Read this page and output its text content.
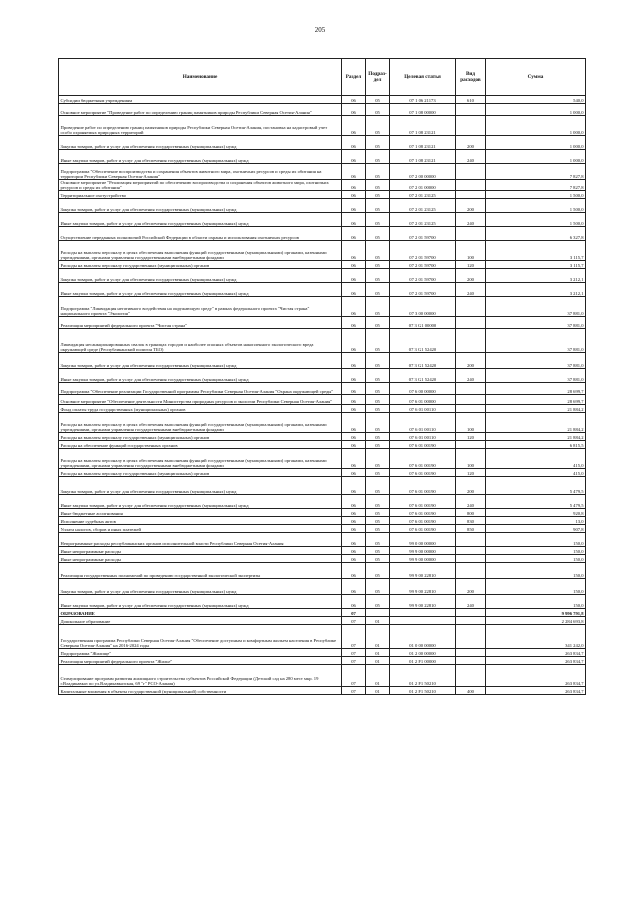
205
Наименование	Раздел	Подраз-дел	Целевая статья	Вид расходов	Сумма
Субсидии бюджетным учреждениям	06	05	07 1 06 21173	610	540,0
Основное мероприятие "Проведение работ по определению границ памятников природы Республики Северная Осетия-Алания"	06	05	07 1 08 00000		1 000,0
Проведение работ по определению границ памятников природы Республики Северная Осетия-Алания, постановка на кадастровый учет особо охраняемых природных территорий	06	05	07 1 08 23121		1 000,0
Закупка товаров, работ и услуг для обеспечения государственных (муниципальных) нужд	06	05	07 1 08 23121	200	1 000,0
Иные закупки товаров, работ и услуг для обеспечения государственных (муниципальных) нужд	06	05	07 1 08 23121	240	1 000,0
Подпрограмма "Обеспечение воспроизводства и сохранения объектов животного мира, охотничьих ресурсов и среды их обитания на территории Республики Северная Осетия-Алания"	06	05	07 2 00 00000		7 827,8
Основное мероприятие "Реализация мероприятий по обеспечению воспроизводства и сохранения объектов животного мира, охотничьих ресурсов и среды их обитания"	06	05	07 2 01 00000		7 827,8
Территориальное охотустройство	06	05	07 2 01 23125		1 500,0
Закупка товаров, работ и услуг для обеспечения государственных (муниципальных) нужд	06	05	07 2 01 23125	200	1 500,0
Иные закупки товаров, работ и услуг для обеспечения государственных (муниципальных) нужд	06	05	07 2 01 23125	240	1 500,0
Осуществление переданных полномочий Российской Федерации в области охраны и использования охотничьих ресурсов	06	05	07 2 01 59700		6 327,8
Расходы на выплаты персоналу в целях обеспечения выполнения функций государственными (муниципальными) органами, казенными учреждениями, органами управления государственными внебюджетными фондами	06	05	07 2 01 59700	100	3 115,7
Расходы на выплаты персоналу государственных (муниципальных) органов	06	05	07 2 01 59700	120	3 115,7
Закупка товаров, работ и услуг для обеспечения государственных (муниципальных) нужд	06	05	07 2 01 59700	200	3 212,1
Иные закупки товаров, работ и услуг для обеспечения государственных (муниципальных) нужд	06	05	07 2 01 59700	240	3 212,1
Подпрограмма "Ликвидация негативного воздействия на окружающую среду" в рамках федерального проекта "Чистая страна" национального проекта "Экология"	06	05	07 3 00 00000		37 881,0
Реализация мероприятий федерального проекта "Чистая страна"	06	05	07 3 G1 00000		37 881,0
Ликвидация несанкционированных свалок в границах городов и наиболее опасных объектов накопленного экологического вреда окружающей среде (Республиканский полигон ТБО)	06	05	07 3 G1 52420		37 881,0
Закупка товаров, работ и услуг для обеспечения государственных (муниципальных) нужд	06	05	07 3 G1 52420	200	37 881,0
Иные закупки товаров, работ и услуг для обеспечения государственных (муниципальных) нужд	06	05	07 3 G1 52420	240	37 881,0
Подпрограмма "Обеспечение реализации Государственной программы Республики Северная Осетия-Алания "Охрана окружающей среды"	06	05	07 6 00 00000		28 699,7
Основное мероприятие "Обеспечение деятельности Министерства природных ресурсов и экологии Республики Северная Осетия-Алания"	06	05	07 6 01 00000		28 699,7
Фонд оплаты труда государственных (муниципальных) органов	06	05	07 6 01 00110		21 884,2
Расходы на выплаты персоналу в целях обеспечения выполнения функций государственными (муниципальными) органами, казенными учреждениями, органами управления государственными внебюджетными фондами	06	05	07 6 01 00110	100	21 884,2
Расходы на выплаты персоналу государственных (муниципальных) органов	06	05	07 6 01 00110	120	21 884,2
Расходы на обеспечение функций государственных органов	06	05	07 6 01 00190		6 815,5
Расходы на выплаты персоналу в целях обеспечения выполнения функций государственными (муниципальными) органами, казенными учреждениями, органами управления государственными внебюджетными фондами	06	05	07 6 01 00190	100	415,0
Расходы на выплаты персоналу государственных (муниципальных) органов	06	05	07 6 01 00190	120	415,0
Закупка товаров, работ и услуг для обеспечения государственных (муниципальных) нужд	06	05	07 6 01 00190	200	5 479,5
Иные закупки товаров, работ и услуг для обеспечения государственных (муниципальных) нужд	06	05	07 6 01 00190	240	5 479,5
Иные бюджетные ассигнования	06	05	07 6 01 00190	800	920,8
Исполнение судебных актов	06	05	07 6 01 00190	830	13,0
Уплата налогов, сборов и иных платежей	06	05	07 6 01 00190	850	907,8
Непрограммные расходы республиканских органов исполнительной власти Республики Северная Осетия-Алания	06	05	99 0 00 00000		150,0
Иные непрограммные расходы	06	05	99 9 00 00000		150,0
Иные непрограммные расходы	06	05	99 9 00 00000		150,0
Реализация государственных полномочий по проведению государственной экологической экспертизы	06	05	99 9 00 22810		150,0
Закупка товаров, работ и услуг для обеспечения государственных (муниципальных) нужд	06	05	99 9 00 22810	200	150,0
Иные закупки товаров, работ и услуг для обеспечения государственных (муниципальных) нужд	06	05	99 9 00 22810	240	150,0
ОБРАЗОВАНИЕ	07				9 996 791,8
Дошкольное образование	07	01			2 284 693,8
Государственная программа Республики Северная Осетия-Алания "Обеспечение доступным и комфортным жильем населения в Республике Северная Осетия-Алания" на 2016-2024 годы	07	01	01 0 00 00000		341 242,0
Подпрограмма "Жилище"	07	01	01 2 00 00000		263 834,7
Реализация мероприятий федерального проекта "Жилье"	07	01	01 2 F1 00000		263 834,7
Стимулирование программ развития жилищного строительства субъектов Российской Федерации (Детский сад на 280 мест мкр. 19 г.Владикавказ по ул.Владикавказская, 69 "г" РСО-Алания)	07	01	01 2 F1 50210		263 834,7
Капитальные вложения в объекты государственной (муниципальной) собственности	07	01	01 2 F1 50210	400	263 834,7
